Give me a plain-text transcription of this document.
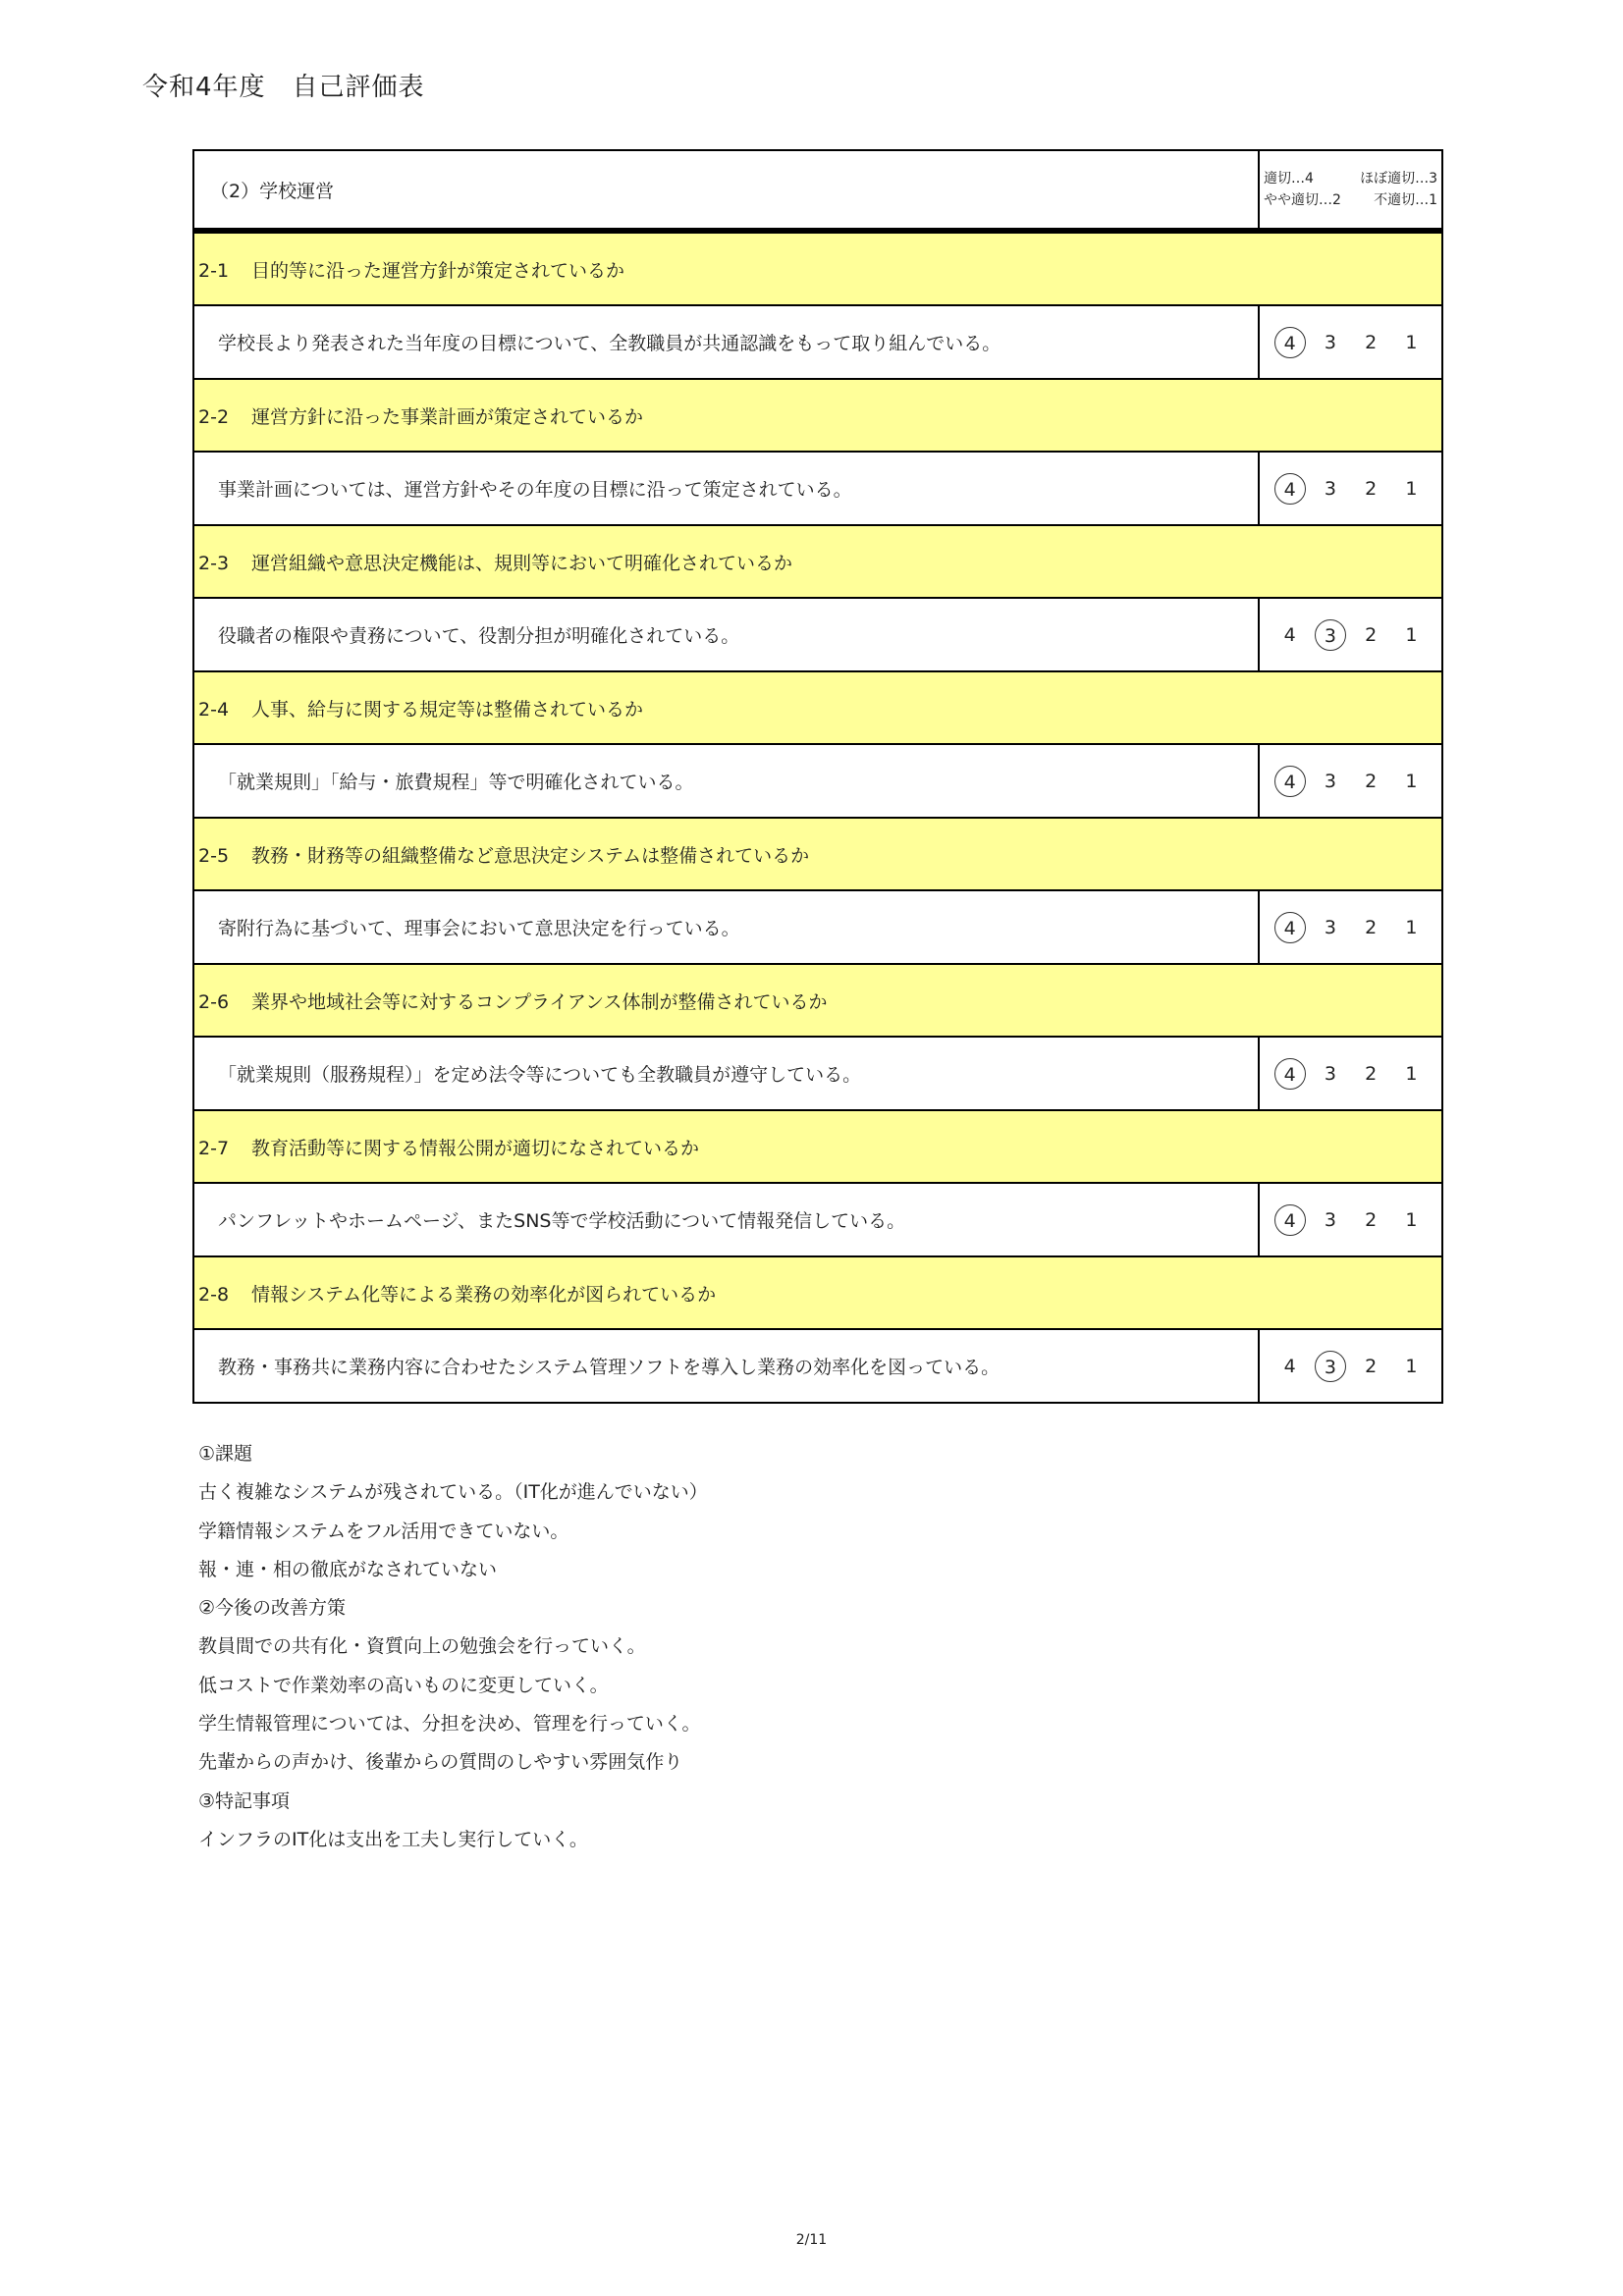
令和4年度　自己評価表
（2）学校運営	適切…4 ほぼ適切…3
やや適切…2 不適切…1

2-1 目的等に沿った運営方針が策定されているか	
学校長より発表された当年度の目標について、全教職員が共通認識をもって取り組んでいる。	4 3 2 1

2-2 運営方針に沿った事業計画が策定されているか	
事業計画については、運営方針やその年度の目標に沿って策定されている。	4 3 2 1

2-3 運営組織や意思決定機能は、規則等において明確化されているか	
役職者の権限や責務について、役割分担が明確化されている。	4 3 2 1

2-4 人事、給与に関する規定等は整備されているか	
「就業規則」「給与・旅費規程」等で明確化されている。	4 3 2 1

2-5 教務・財務等の組織整備など意思決定システムは整備されているか	
寄附行為に基づいて、理事会において意思決定を行っている。	4 3 2 1

2-6 業界や地域社会等に対するコンプライアンス体制が整備されているか	
「就業規則（服務規程）」を定め法令等についても全教職員が遵守している。	4 3 2 1

2-7 教育活動等に関する情報公開が適切になされているか	
パンフレットやホームページ、またSNS等で学校活動について情報発信している。	4 3 2 1

2-8 情報システム化等による業務の効率化が図られているか	
教務・事務共に業務内容に合わせたシステム管理ソフトを導入し業務の効率化を図っている。	4 3 2 1
①課題
古く複雑なシステムが残されている。（IT化が進んでいない）
学籍情報システムをフル活用できていない。
報・連・相の徹底がなされていない
②今後の改善方策
教員間での共有化・資質向上の勉強会を行っていく。
低コストで作業効率の高いものに変更していく。
学生情報管理については、分担を決め、管理を行っていく。
先輩からの声かけ、後輩からの質問のしやすい雰囲気作り
③特記事項
インフラのIT化は支出を工夫し実行していく。
2/11
